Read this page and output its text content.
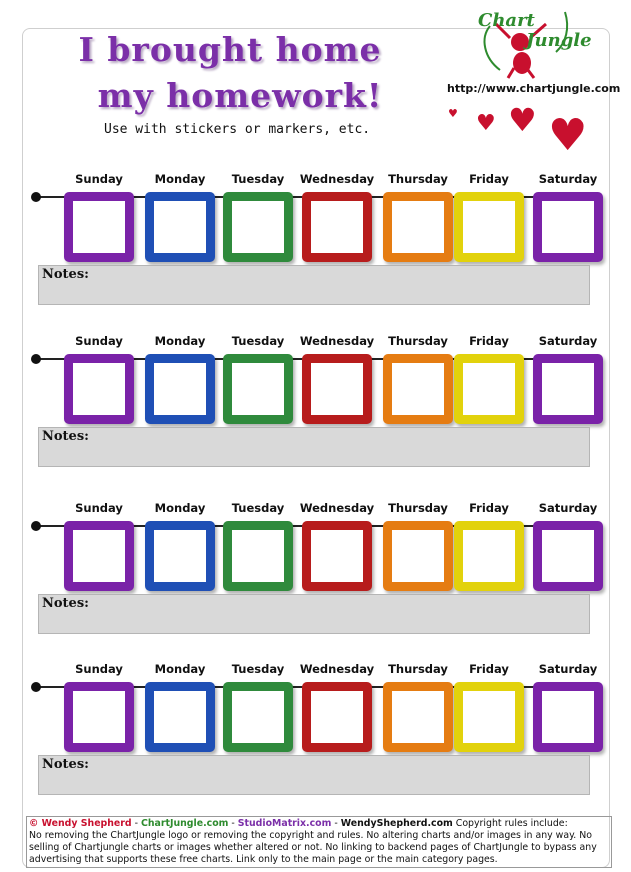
I brought home
my homework!
Use with stickers or markers, etc.
Chart
Jungle
http://www.chartjungle.com
♥ ♥ ♥ ♥
Sunday	Monday	Tuesday	Wednesday	Thursday	Friday	Saturday
Notes:
Sunday	Monday	Tuesday	Wednesday	Thursday	Friday	Saturday
Notes:
Sunday	Monday	Tuesday	Wednesday	Thursday	Friday	Saturday
Notes:
Sunday	Monday	Tuesday	Wednesday	Thursday	Friday	Saturday
Notes:
© Wendy Shepherd - ChartJungle.com - StudioMatrix.com - WendyShepherd.com Copyright rules include:
No removing the ChartJungle logo or removing the copyright and rules. No altering charts and/or images in any way. No selling of Chartjungle charts or images whether altered or not. No linking to backend pages of ChartJungle to bypass any advertising that supports these free charts. Link only to the main page or the main category pages.
